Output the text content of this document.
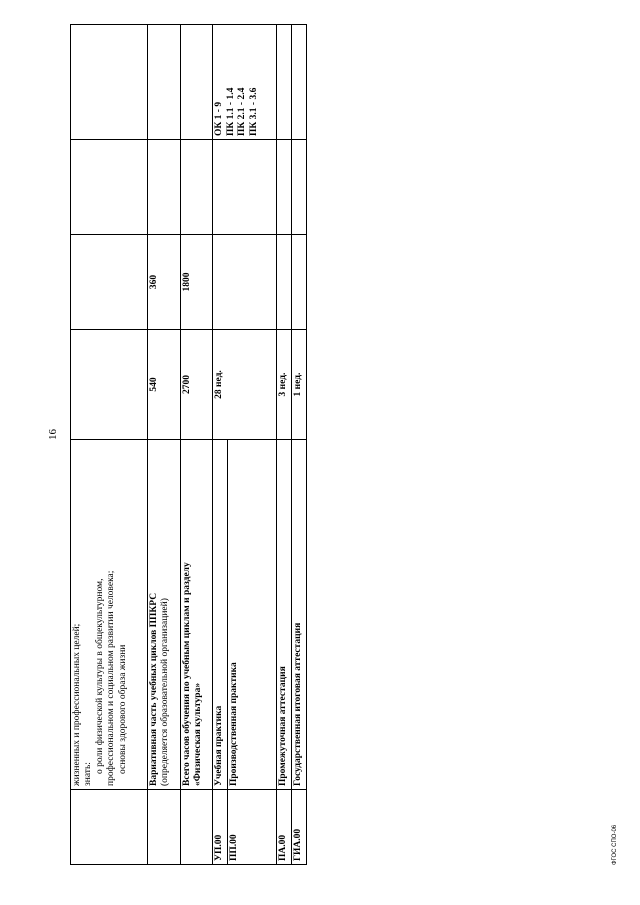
16

	жизненных и профессиональных целей; знать:
о роли физической культуры в общекультурном, профессиональном и социальном развитии человека; основы здорового образа жизни				

	Вариативная часть учебных циклов ППКРС (определяется образовательной организацией)	540	360		

	Всего часов обучения по учебным циклам и разделу «Физическая культура»	2700	1800		
УП.00	Учебная практика	28 нед.			ОК 1 - 9 ПК 1.1 - 1.4 ПК 2.1 - 2.4 ПК 3.1 - 3.6

ПП.00	Производственная практика				
ПА.00	Промежуточная аттестация	3 нед.			
ГИА.00	Государственная итоговая аттестация	1 нед.			
ФГОС СПО-06
